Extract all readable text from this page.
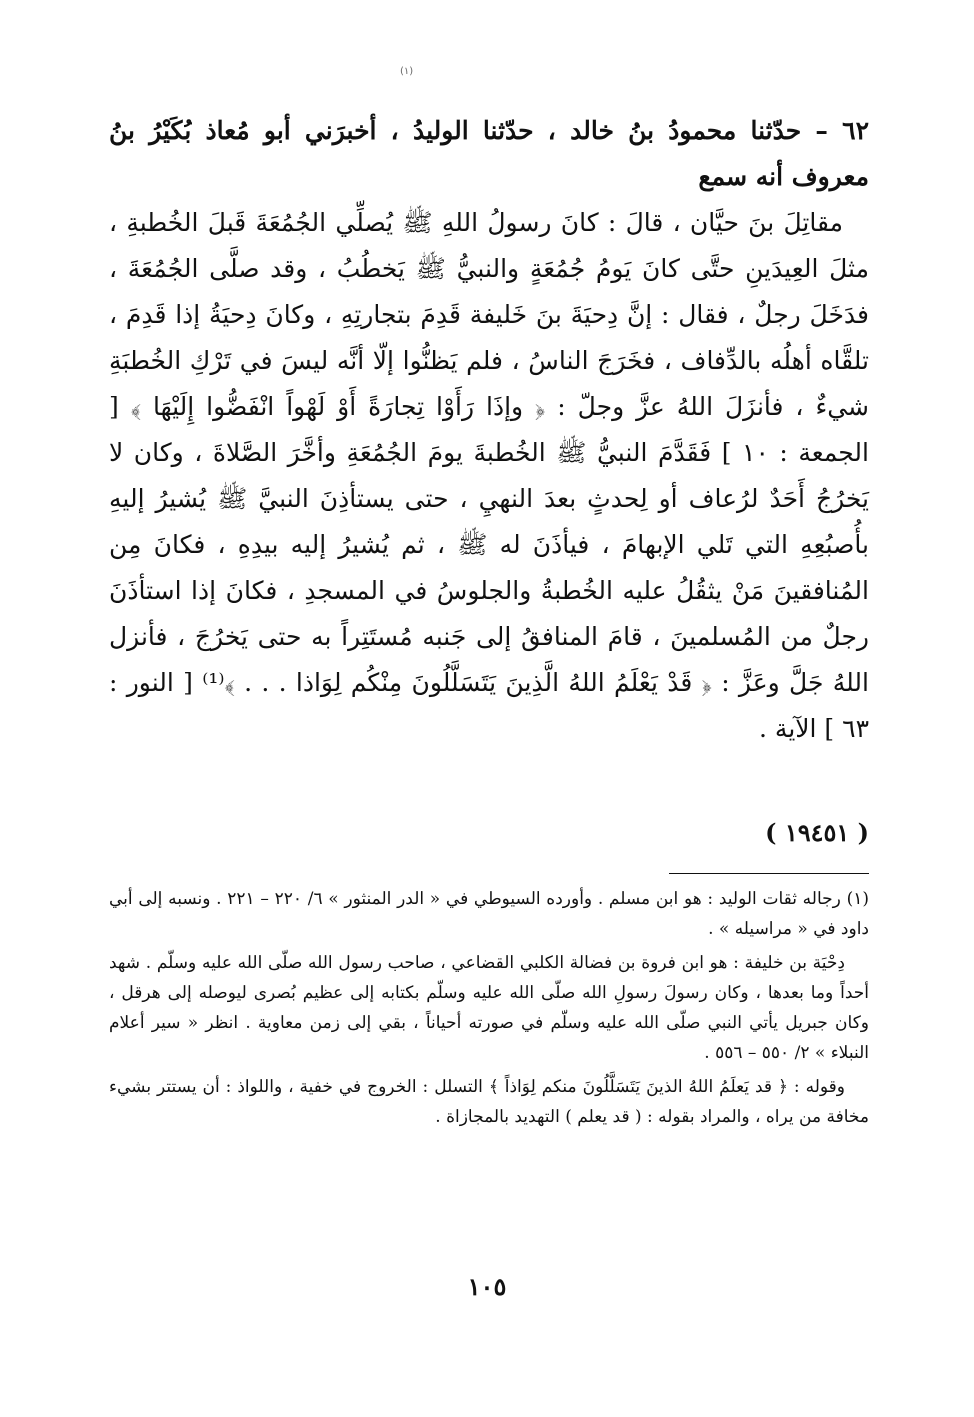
(١)

٦٢ – حدّثنا محمودُ بنُ خالد ، حدّثنا الوليدُ ، أخبرَني أبو مُعاذ بُكَيْرُ بنُ معروف أنه سمع

مقاتِلَ بنَ حيَّان ، قالَ : كانَ رسولُ اللهِ ﷺ يُصلِّي الجُمُعَةَ قَبلَ الخُطبةِ ، مثلَ العِيدَينِ حتَّى كانَ يَومُ جُمُعَةٍ والنبيُّ ﷺ يَخطُبُ ، وقد صلَّى الجُمُعَةَ ، فدَخَلَ رجلٌ ، فقال : إنَّ دِحيَةَ بنَ خَليفة قَدِمَ بتجارتِهِ ، وكانَ دِحيَةُ إذا قَدِمَ ، تلقَّاه أهلُه بالدِّفاف ، فخَرَجَ الناسُ ، فلم يَظنُّوا إلّا أنَّه ليسَ في تَرْكِ الخُطبَةِ شيءٌ ، فأنزَلَ اللهُ عزَّ وجلّ : ﴿ وإذَا رَأَوْا تِجارَةً أَوْ لَهْواً انْفَضُّوا إِلَيْهَا ﴾ [ الجمعة : ١٠ ] فَقَدَّمَ النبيُّ ﷺ الخُطبةَ يومَ الجُمُعَةِ وأخَّرَ الصَّلاةَ ، وكان لا يَخرُجُ أَحَدٌ لرُعاف أو لِحدثٍ بعدَ النهيِ ، حتى يستأذِنَ النبيَّ ﷺ يُشيرُ إليهِ بأُصبُعِهِ التي تَلي الإبهامَ ، فيأذَنَ له ﷺ ، ثم يُشيرُ إليه بيدِهِ ، فكانَ مِن المُنافقينَ مَنْ يثقُلُ عليه الخُطبةُ والجلوسُ في المسجدِ ، فكانَ إذا استأذَنَ رجلٌ من المُسلمينَ ، قامَ المنافقُ إلى جَنبه مُستَتِراً به حتى يَخرُجَ ، فأنزل اللهُ جَلَّ وعَزَّ : ﴿ قَدْ يَعْلَمُ اللهُ الَّذِينَ يَتَسَلَّلُونَ مِنْكُم لِوَاذا . . . ﴾⁽¹⁾ [ النور : ٦٣ ] الآية .

( ١٩٤٥١ )

(١) رجاله ثقات الوليد : هو ابن مسلم . وأورده السيوطي في « الدر المنثور » ٦/ ٢٢٠ – ٢٢١ . ونسبه إلى أبي داود في « مراسيله » .

دِحْيَة بن خليفة : هو ابن فروة بن فضالة الكلبي القضاعي ، صاحب رسول الله صلّى الله عليه وسلّم . شهد أحداً وما بعدها ، وكان رسولَ رسولِ الله صلّى الله عليه وسلّم بكتابه إلى عظيم بُصرى ليوصله إلى هرقل ، وكان جبريل يأتي النبي صلّى الله عليه وسلّم في صورته أحياناً ، بقي إلى زمن معاوية . انظر « سير أعلام النبلاء » ٢/ ٥٥٠ – ٥٥٦ .

وقوله : ﴿ قد يَعلَمُ اللهُ الذينَ يَتَسَلَّلُونَ منكم لِوَاذاً ﴾ التسلل : الخروج في خفية ، واللواذ : أن يستتر بشيء مخافة من يراه ، والمراد بقوله : ( قد يعلم ) التهديد بالمجازاة .

١٠٥
